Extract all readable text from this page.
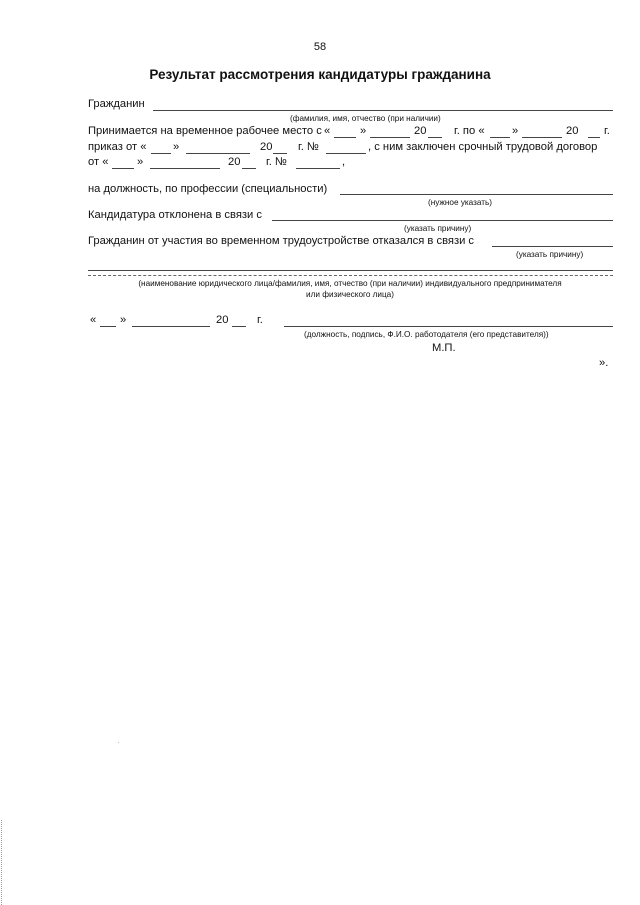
58
Результат рассмотрения кандидатуры гражданина
Гражданин
(фамилия, имя, отчество (при наличии)
Принимается на временное рабочее место с «	»	20 г. по « »	20 г.
приказ от « »	20 г. №	, с ним заключен срочный трудовой договор
от «	»	20 г. №	,
на должность, по профессии (специальности)
(нужное указать)
Кандидатура отклонена в связи с
(указать причину)
Гражданин от участия во временном трудоустройстве отказался в связи с
(указать причину)
(наименование юридического лица/фамилия, имя, отчество (при наличии) индивидуального предпринимателя
или физического лица)
« »	20	г.
(должность, подпись, Ф.И.О. работодателя (его представителя))
М.П.
».
